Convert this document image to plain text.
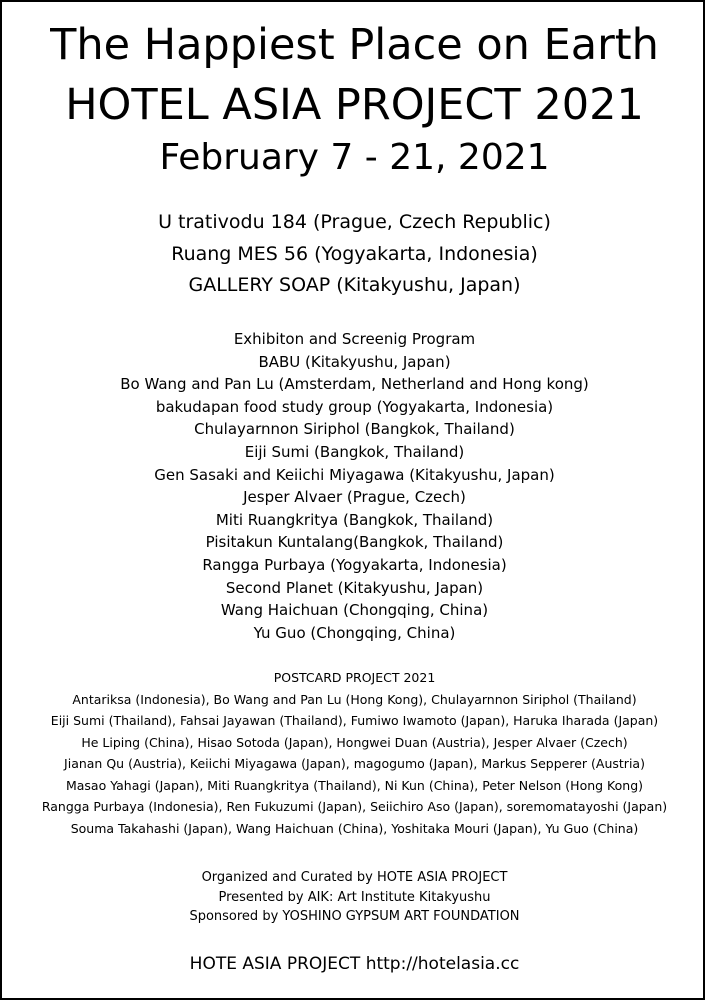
The Happiest Place on Earth
HOTEL ASIA PROJECT 2021
February 7 - 21, 2021
U trativodu 184 (Prague, Czech Republic)
Ruang MES 56 (Yogyakarta, Indonesia)
GALLERY SOAP (Kitakyushu, Japan)
Exhibiton and Screenig Program
BABU (Kitakyushu, Japan)
Bo Wang and Pan Lu (Amsterdam, Netherland and Hong kong)
bakudapan food study group (Yogyakarta, Indonesia)
Chulayarnnon Siriphol (Bangkok, Thailand)
Eiji Sumi (Bangkok, Thailand)
Gen Sasaki and Keiichi Miyagawa (Kitakyushu, Japan)
Jesper Alvaer (Prague, Czech)
Miti Ruangkritya (Bangkok, Thailand)
Pisitakun Kuntalang(Bangkok, Thailand)
Rangga Purbaya (Yogyakarta, Indonesia)
Second Planet (Kitakyushu, Japan)
Wang Haichuan (Chongqing, China)
Yu Guo (Chongqing, China)
POSTCARD PROJECT 2021
Antariksa (Indonesia), Bo Wang and Pan Lu (Hong Kong), Chulayarnnon Siriphol (Thailand)
Eiji Sumi (Thailand), Fahsai Jayawan (Thailand), Fumiwo Iwamoto (Japan), Haruka Iharada (Japan)
He Liping (China), Hisao Sotoda (Japan), Hongwei Duan (Austria), Jesper Alvaer (Czech)
Jianan Qu (Austria), Keiichi Miyagawa (Japan), magogumo (Japan), Markus Sepperer (Austria)
Masao Yahagi (Japan), Miti Ruangkritya (Thailand), Ni Kun (China), Peter Nelson (Hong Kong)
Rangga Purbaya (Indonesia), Ren Fukuzumi (Japan), Seiichiro Aso (Japan), soremomatayoshi (Japan)
Souma Takahashi (Japan), Wang Haichuan (China), Yoshitaka Mouri (Japan), Yu Guo (China)
Organized and Curated by HOTE ASIA PROJECT
Presented by AIK: Art Institute Kitakyushu
Sponsored by YOSHINO GYPSUM ART FOUNDATION
HOTE ASIA PROJECT http://hotelasia.cc
